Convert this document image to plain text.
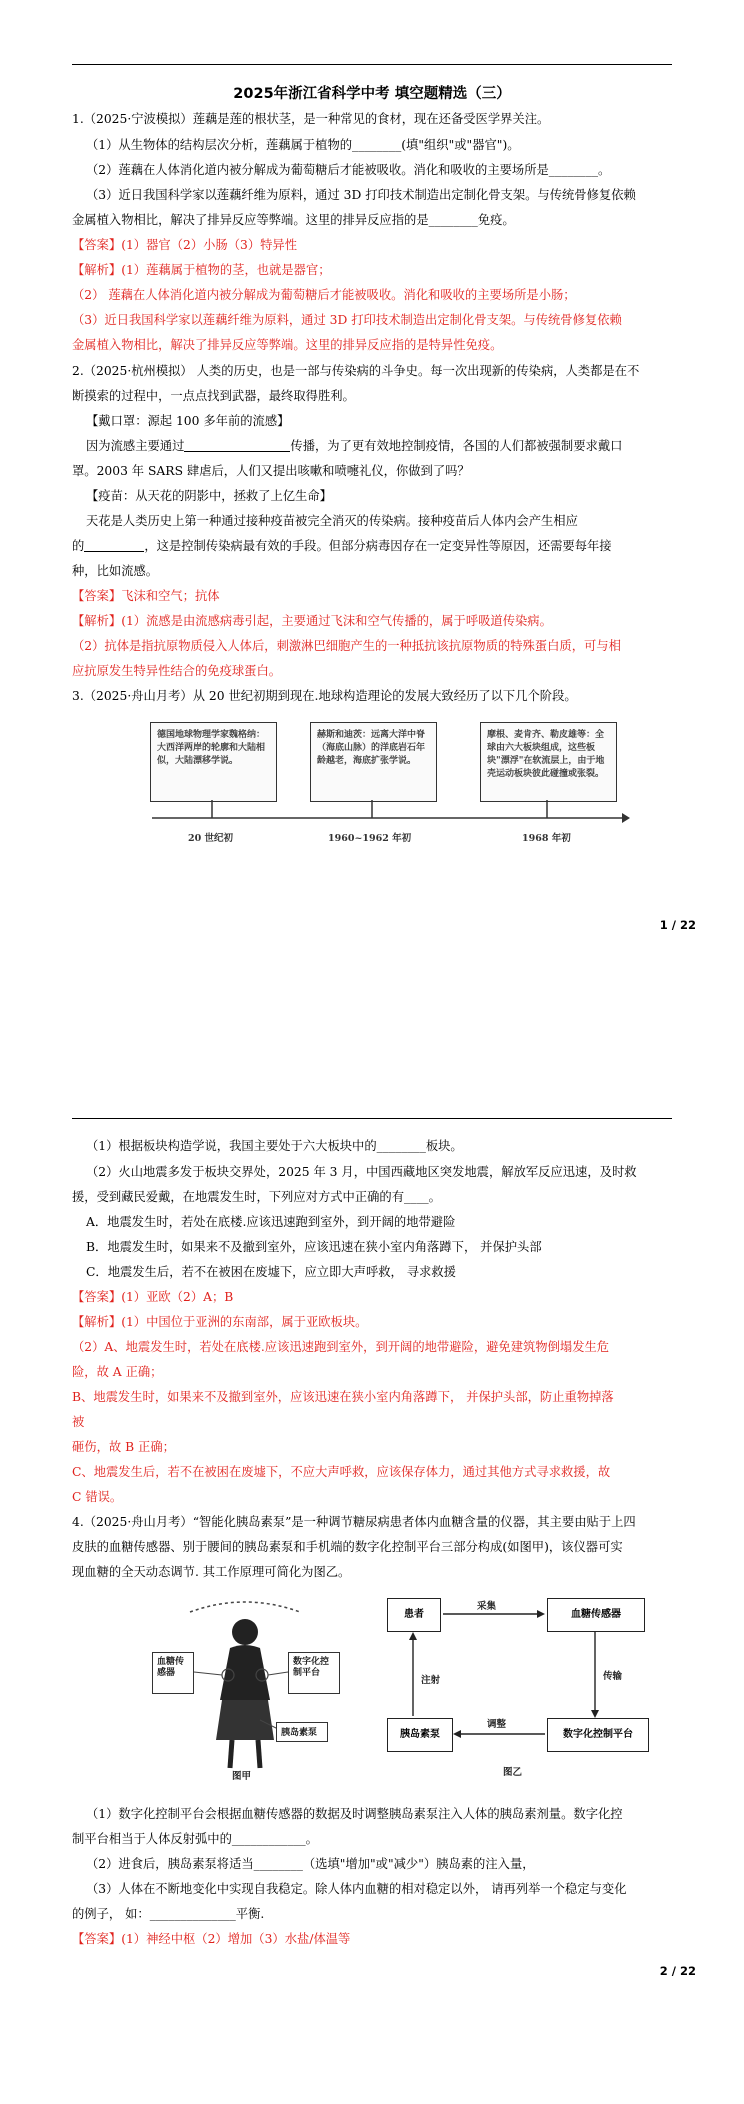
2025年浙江省科学中考 填空题精选（三）
1.（2025·宁波模拟）莲藕是莲的根状茎，是一种常见的食材，现在还备受医学界关注。
（1）从生物体的结构层次分析，莲藕属于植物的________(填"组织"或"器官")。
（2）莲藕在人体消化道内被分解成为葡萄糖后才能被吸收。消化和吸收的主要场所是________。
（3）近日我国科学家以莲藕纤维为原料，通过 3D 打印技术制造出定制化骨支架。与传统骨修复依赖
金属植入物相比，解决了排异反应等弊端。这里的排异反应指的是________免疫。
【答案】(1）器官（2）小肠（3）特异性
【解析】(1）莲藕属于植物的茎，也就是器官；
（2） 莲藕在人体消化道内被分解成为葡萄糖后才能被吸收。消化和吸收的主要场所是小肠；
（3）近日我国科学家以莲藕纤维为原料，通过 3D 打印技术制造出定制化骨支架。与传统骨修复依赖
金属植入物相比，解决了排异反应等弊端。这里的排异反应指的是特异性免疫。
2.（2025·杭州模拟） 人类的历史，也是一部与传染病的斗争史。每一次出现新的传染病，人类都是在不
断摸索的过程中，一点点找到武器，最终取得胜利。
【戴口罩：源起 100 多年前的流感】
因为流感主要通过	传播，为了更有效地控制疫情，各国的人们都被强制要求戴口
罩。2003 年 SARS 肆虐后，人们又提出咳嗽和喷嚏礼仪，你做到了吗？
【疫苗：从天花的阴影中，拯救了上亿生命】
天花是人类历史上第一种通过接种疫苗被完全消灭的传染病。接种疫苗后人体内会产生相应
的	，这是控制传染病最有效的手段。但部分病毒因存在一定变异性等原因，还需要每年接
种，比如流感。
【答案】飞沫和空气；抗体
【解析】(1）流感是由流感病毒引起，主要通过飞沫和空气传播的，属于呼吸道传染病。
（2）抗体是指抗原物质侵入人体后，刺激淋巴细胞产生的一种抵抗该抗原物质的特殊蛋白质，可与相
应抗原发生特异性结合的免疫球蛋白。
3.（2025·舟山月考）从 20 世纪初期到现在.地球构造理论的发展大致经历了以下几个阶段。
德国地球物理学家魏格纳：大西洋两岸的轮廓和大陆相似，大陆漂移学说。
赫斯和迪茨：远离大洋中脊（海底山脉）的洋底岩石年龄越老，海底扩张学说。
摩根、麦肯齐、勒皮雄等：全球由六大板块组成，这些板块"漂浮"在软流层上，由于地壳运动板块彼此碰撞或张裂。
20 世纪初	1960~1962 年初	1968 年初
1 / 22
（1）根据板块构造学说，我国主要处于六大板块中的________板块。
（2）火山地震多发于板块交界处，2025 年 3 月，中国西藏地区突发地震，解放军反应迅速，及时救
援，受到藏民爱戴，在地震发生时，下列应对方式中正确的有____。
A．地震发生时，若处在底楼.应该迅速跑到室外，到开阔的地带避险
B．地震发生时，如果来不及撤到室外，应该迅速在狭小室内角落蹲下， 并保护头部
C．地震发生后，若不在被困在废墟下，应立即大声呼救， 寻求救援
【答案】(1）亚欧（2）A；B
【解析】(1）中国位于亚洲的东南部，属于亚欧板块。
（2）A、地震发生时，若处在底楼.应该迅速跑到室外，到开阔的地带避险，避免建筑物倒塌发生危
险，故 A 正确；
B、地震发生时，如果来不及撤到室外，应该迅速在狭小室内角落蹲下， 并保护头部，防止重物掉落
被
砸伤，故 B 正确；
C、地震发生后，若不在被困在废墟下，不应大声呼救，应该保存体力，通过其他方式寻求救援，故
C 错误。
4.（2025·舟山月考）“智能化胰岛素泵”是一种调节糖尿病患者体内血糖含量的仪器，其主要由贴于上四
皮肤的血糖传感器、别于腰间的胰岛素泵和手机端的数字化控制平台三部分构成(如图甲)，该仪器可实
现血糖的全天动态调节. 其工作原理可简化为图乙。
血糖传感器
数字化控制平台
胰岛素泵
图甲
患者	血糖传感器
胰岛素泵	数字化控制平台
采集
传输
调整
注射
图乙
（1）数字化控制平台会根据血糖传感器的数据及时调整胰岛素泵注入人体的胰岛素剂量。数字化控
制平台相当于人体反射弧中的____________。
（2）进食后，胰岛素泵将适当________（选填"增加"或"减少"）胰岛素的注入量，
（3）人体在不断地变化中实现自我稳定。除人体内血糖的相对稳定以外， 请再列举一个稳定与变化
的例子， 如：______________平衡.
【答案】(1）神经中枢（2）增加（3）水盐/体温等
2 / 22
